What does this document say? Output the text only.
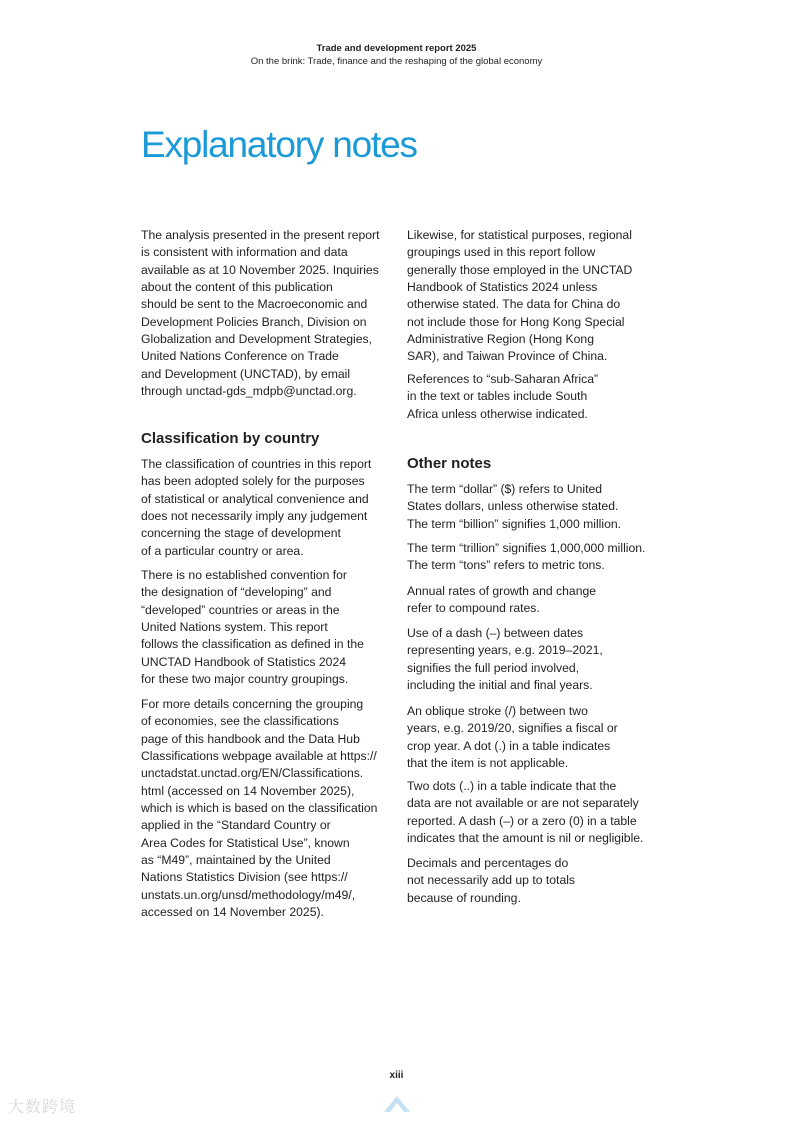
Trade and development report 2025
On the brink: Trade, finance and the reshaping of the global economy
Explanatory notes
The analysis presented in the present report
is consistent with information and data
available as at 10 November 2025. Inquiries
about the content of this publication
should be sent to the Macroeconomic and
Development Policies Branch, Division on
Globalization and Development Strategies,
United Nations Conference on Trade
and Development (UNCTAD), by email
through unctad-gds_mdpb@unctad.org.
Classification by country
The classification of countries in this report
has been adopted solely for the purposes
of statistical or analytical convenience and
does not necessarily imply any judgement
concerning the stage of development
of a particular country or area.
There is no established convention for
the designation of “developing” and
“developed” countries or areas in the
United Nations system. This report
follows the classification as defined in the
UNCTAD Handbook of Statistics 2024
for these two major country groupings.
For more details concerning the grouping
of economies, see the classifications
page of this handbook and the Data Hub
Classifications webpage available at https://
unctadstat.unctad.org/EN/Classifications.
html (accessed on 14 November 2025),
which is which is based on the classification
applied in the “Standard Country or
Area Codes for Statistical Use”, known
as “M49”, maintained by the United
Nations Statistics Division (see https://
unstats.un.org/unsd/methodology/m49/,
accessed on 14 November 2025).
Likewise, for statistical purposes, regional
groupings used in this report follow
generally those employed in the UNCTAD
Handbook of Statistics 2024 unless
otherwise stated. The data for China do
not include those for Hong Kong Special
Administrative Region (Hong Kong
SAR), and Taiwan Province of China.
References to “sub-Saharan Africa”
in the text or tables include South
Africa unless otherwise indicated.
Other notes
The term “dollar” ($) refers to United
States dollars, unless otherwise stated.
The term “billion” signifies 1,000 million.
The term “trillion” signifies 1,000,000 million.
The term “tons” refers to metric tons.
Annual rates of growth and change
refer to compound rates.
Use of a dash (–) between dates
representing years, e.g. 2019–2021,
signifies the full period involved,
including the initial and final years.
An oblique stroke (/) between two
years, e.g. 2019/20, signifies a fiscal or
crop year. A dot (.) in a table indicates
that the item is not applicable.
Two dots (..) in a table indicate that the
data are not available or are not separately
reported. A dash (–) or a zero (0) in a table
indicates that the amount is nil or negligible.
Decimals and percentages do
not necessarily add up to totals
because of rounding.
xiii
大数跨境
